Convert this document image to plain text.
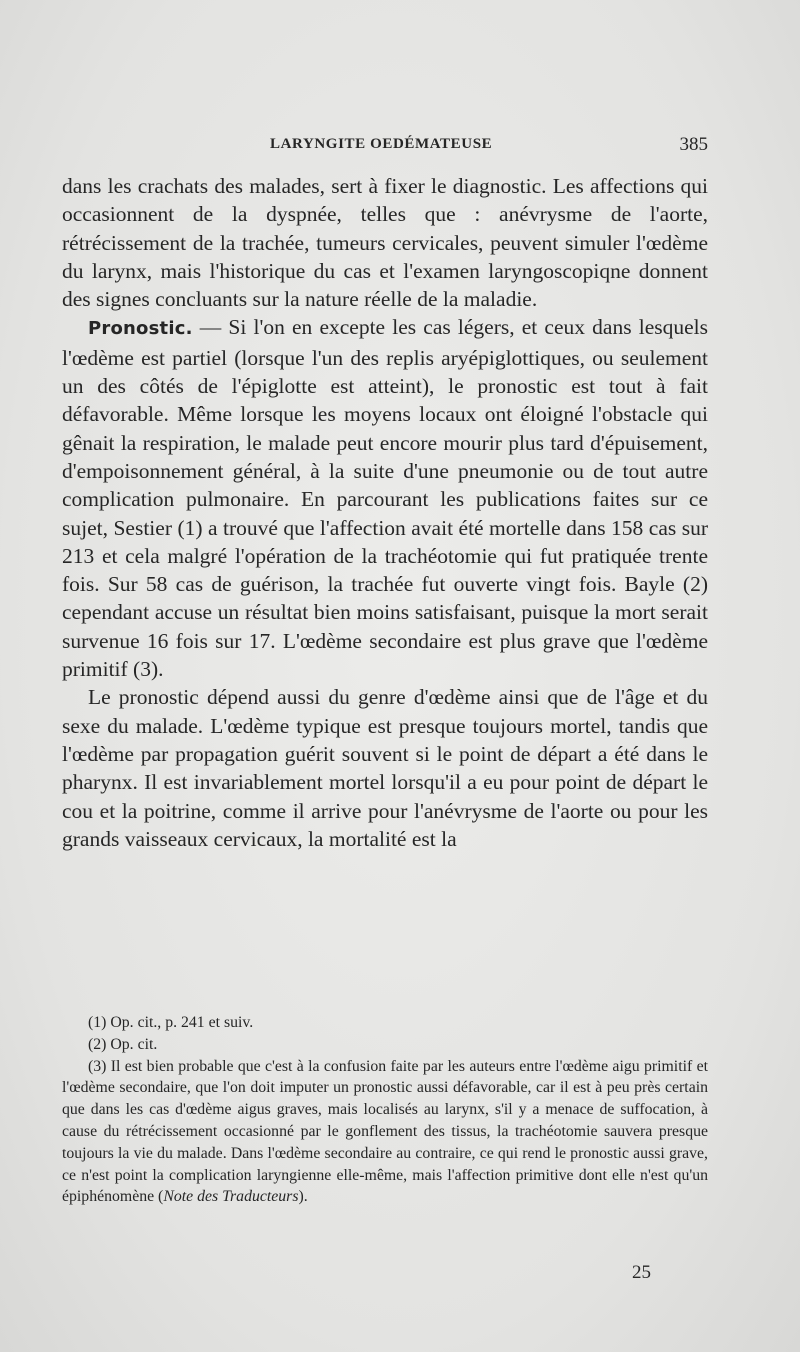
LARYNGITE OEDÉMATEUSE	385

dans les crachats des malades, sert à fixer le diagnostic. Les affections qui occasionnent de la dyspnée, telles que : anévrysme de l'aorte, rétrécissement de la trachée, tumeurs cervicales, peuvent simuler l'œdème du larynx, mais l'historique du cas et l'examen laryngoscopiqne donnent des signes concluants sur la nature réelle de la maladie.

Pronostic. — Si l'on en excepte les cas légers, et ceux dans lesquels l'œdème est partiel (lorsque l'un des replis aryépiglottiques, ou seulement un des côtés de l'épiglotte est atteint), le pronostic est tout à fait défavorable. Même lorsque les moyens locaux ont éloigné l'obstacle qui gênait la respiration, le malade peut encore mourir plus tard d'épuisement, d'empoisonnement général, à la suite d'une pneumonie ou de tout autre complication pulmonaire. En parcourant les publications faites sur ce sujet, Sestier (1) a trouvé que l'affection avait été mortelle dans 158 cas sur 213 et cela malgré l'opération de la trachéotomie qui fut pratiquée trente fois. Sur 58 cas de guérison, la trachée fut ouverte vingt fois. Bayle (2) cependant accuse un résultat bien moins satisfaisant, puisque la mort serait survenue 16 fois sur 17. L'œdème secondaire est plus grave que l'œdème primitif (3).

Le pronostic dépend aussi du genre d'œdème ainsi que de l'âge et du sexe du malade. L'œdème typique est presque toujours mortel, tandis que l'œdème par propagation guérit souvent si le point de départ a été dans le pharynx. Il est invariablement mortel lorsqu'il a eu pour point de départ le cou et la poitrine, comme il arrive pour l'anévrysme de l'aorte ou pour les grands vaisseaux cervicaux, la mortalité est la

(1) Op. cit., p. 241 et suiv.

(2) Op. cit.

(3) Il est bien probable que c'est à la confusion faite par les auteurs entre l'œdème aigu primitif et l'œdème secondaire, que l'on doit imputer un pronostic aussi défavorable, car il est à peu près certain que dans les cas d'œdème aigus graves, mais localisés au larynx, s'il y a menace de suffocation, à cause du rétrécissement occasionné par le gonflement des tissus, la trachéotomie sauvera presque toujours la vie du malade. Dans l'œdème secondaire au contraire, ce qui rend le pronostic aussi grave, ce n'est point la complication laryngienne elle-même, mais l'affection primitive dont elle n'est qu'un épiphénomène (Note des Traducteurs).

25
